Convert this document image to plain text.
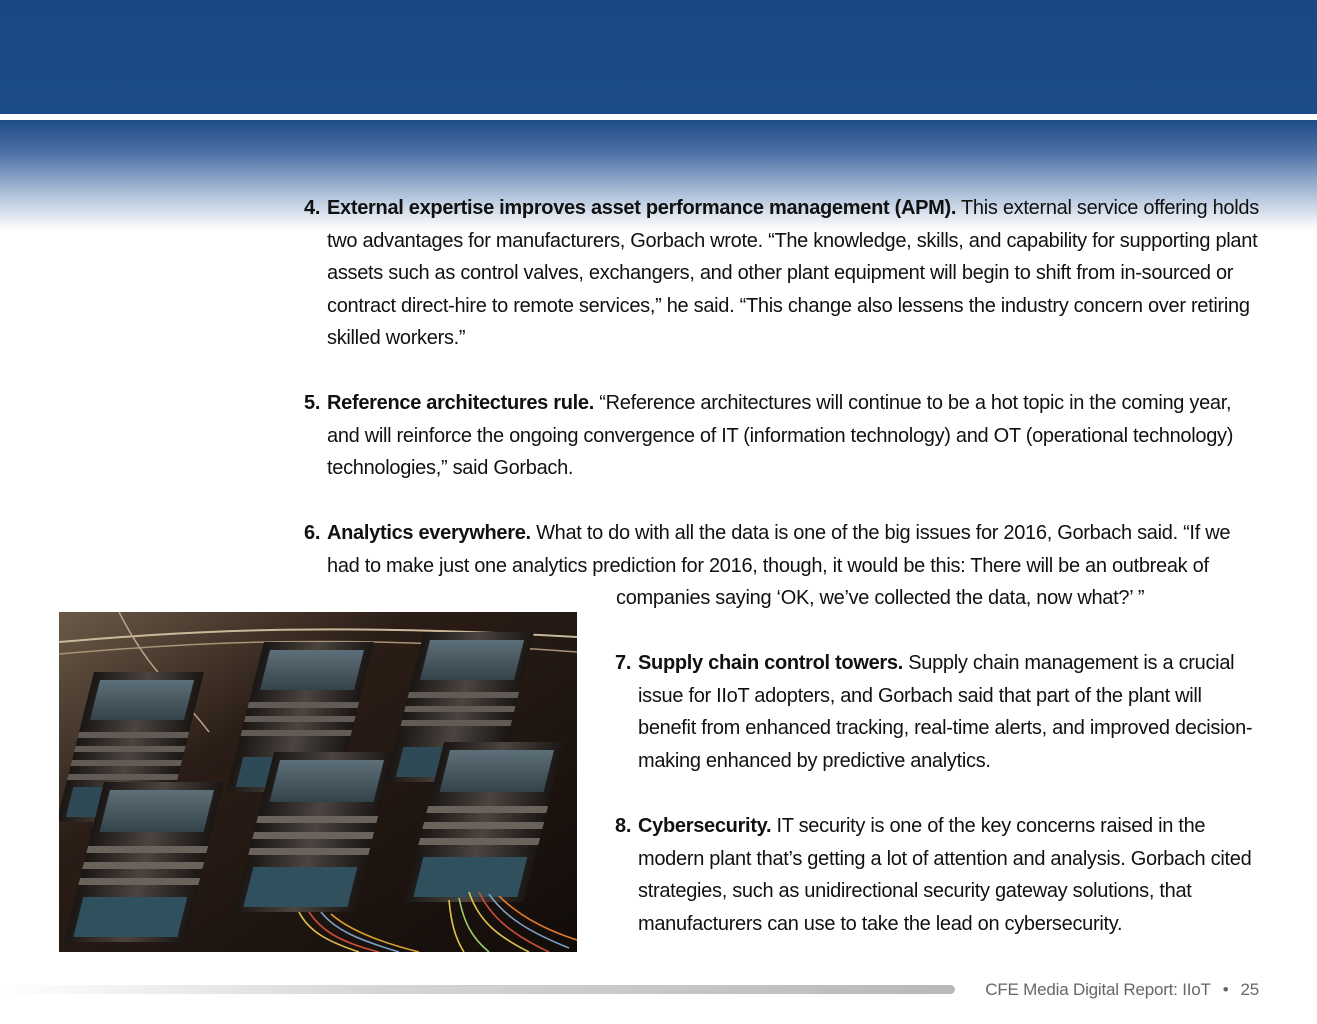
4. External expertise improves asset performance management (APM). This external service offering holds two advantages for manufacturers, Gorbach wrote. “The knowledge, skills, and capability for supporting plant assets such as control valves, exchangers, and other plant equipment will begin to shift from in-sourced or contract direct-hire to remote services,” he said. “This change also lessens the industry concern over retiring skilled workers.”

5. Reference architectures rule. “Reference architectures will continue to be a hot topic in the coming year, and will reinforce the ongoing convergence of IT (information technology) and OT (operational technology) technologies,” said Gorbach.

6. Analytics everywhere. What to do with all the data is one of the big issues for 2016, Gorbach said. “If we had to make just one analytics prediction for 2016, though, it would be this: There will be an outbreak of

companies saying ‘OK, we’ve collected the data, now what?’ ”

7. Supply chain control towers. Supply chain management is a crucial issue for IIoT adopters, and Gorbach said that part of the plant will benefit from enhanced tracking, real-time alerts, and improved decision-making enhanced by predictive analytics.

8. Cybersecurity. IT security is one of the key concerns raised in the modern plant that’s getting a lot of attention and analysis. Gorbach cited strategies, such as unidirectional security gateway solutions, that manufacturers can use to take the lead on cybersecurity.

CFE Media Digital Report: IIoT • 25
